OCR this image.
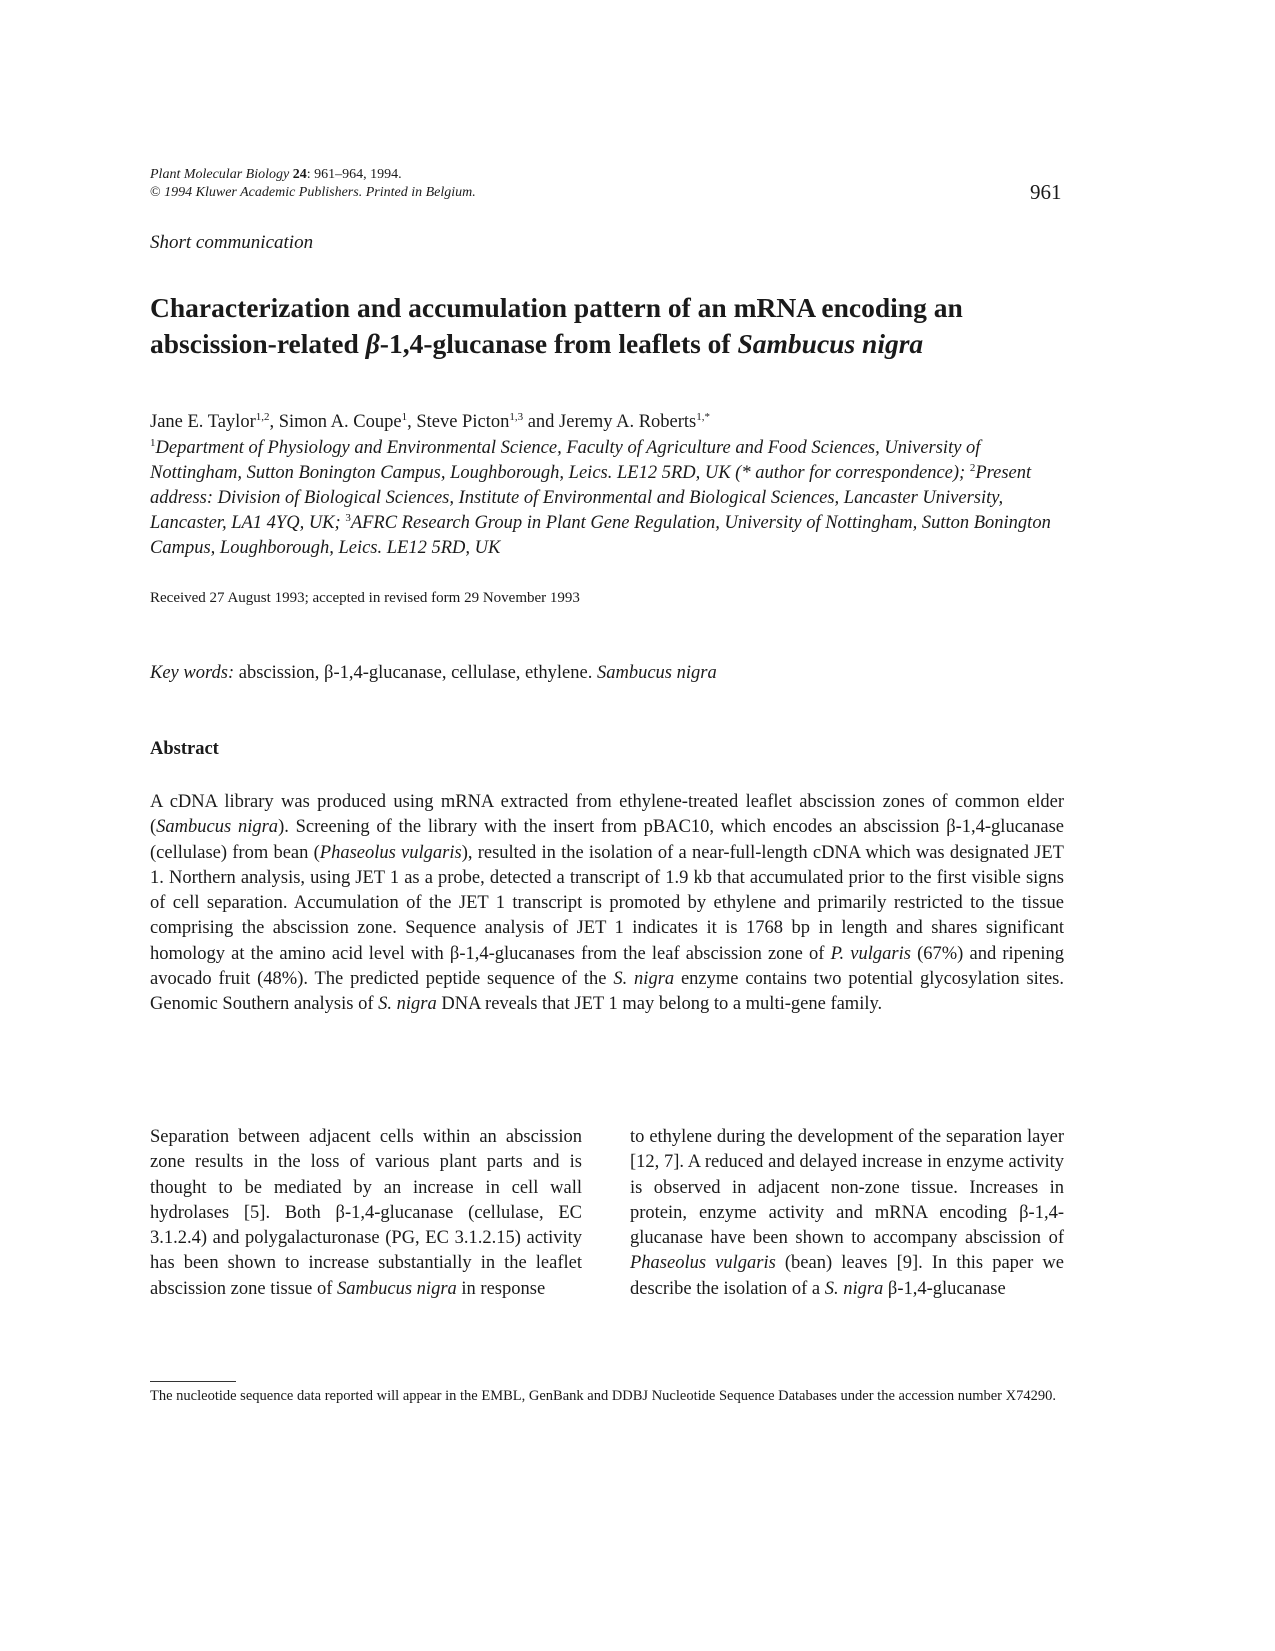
Plant Molecular Biology 24: 961–964, 1994.
© 1994 Kluwer Academic Publishers. Printed in Belgium.	961
Short communication
Characterization and accumulation pattern of an mRNA encoding an abscission-related β-1,4-glucanase from leaflets of Sambucus nigra
Jane E. Taylor$^{1,2}$, Simon A. Coupe$^1$, Steve Picton$^{1,3}$ and Jeremy A. Roberts$^{1,*}$
$^1$Department of Physiology and Environmental Science, Faculty of Agriculture and Food Sciences, University of Nottingham, Sutton Bonington Campus, Loughborough, Leics. LE12 5RD, UK (* author for correspondence); $^2$Present address: Division of Biological Sciences, Institute of Environmental and Biological Sciences, Lancaster University, Lancaster, LA1 4YQ, UK; $^3$AFRC Research Group in Plant Gene Regulation, University of Nottingham, Sutton Bonington Campus, Loughborough, Leics. LE12 5RD, UK
Received 27 August 1993; accepted in revised form 29 November 1993
Key words: abscission, β-1,4-glucanase, cellulase, ethylene. Sambucus nigra
Abstract
A cDNA library was produced using mRNA extracted from ethylene-treated leaflet abscission zones of common elder (Sambucus nigra). Screening of the library with the insert from pBAC10, which encodes an abscission β-1,4-glucanase (cellulase) from bean (Phaseolus vulgaris), resulted in the isolation of a near-full-length cDNA which was designated JET 1. Northern analysis, using JET 1 as a probe, detected a transcript of 1.9 kb that accumulated prior to the first visible signs of cell separation. Accumulation of the JET 1 transcript is promoted by ethylene and primarily restricted to the tissue comprising the abscission zone. Sequence analysis of JET 1 indicates it is 1768 bp in length and shares significant homology at the amino acid level with β-1,4-glucanases from the leaf abscission zone of P. vulgaris (67%) and ripening avocado fruit (48%). The predicted peptide sequence of the S. nigra enzyme contains two potential glycosylation sites. Genomic Southern analysis of S. nigra DNA reveals that JET 1 may belong to a multi-gene family.
Separation between adjacent cells within an abscission zone results in the loss of various plant parts and is thought to be mediated by an increase in cell wall hydrolases [5]. Both β-1,4-glucanase (cellulase, EC 3.1.2.4) and polygalacturonase (PG, EC 3.1.2.15) activity has been shown to increase substantially in the leaflet abscission zone tissue of Sambucus nigra in response
to ethylene during the development of the separation layer [12, 7]. A reduced and delayed increase in enzyme activity is observed in adjacent non-zone tissue. Increases in protein, enzyme activity and mRNA encoding β-1,4-glucanase have been shown to accompany abscission of Phaseolus vulgaris (bean) leaves [9]. In this paper we describe the isolation of a S. nigra β-1,4-glucanase
The nucleotide sequence data reported will appear in the EMBL, GenBank and DDBJ Nucleotide Sequence Databases under the accession number X74290.
